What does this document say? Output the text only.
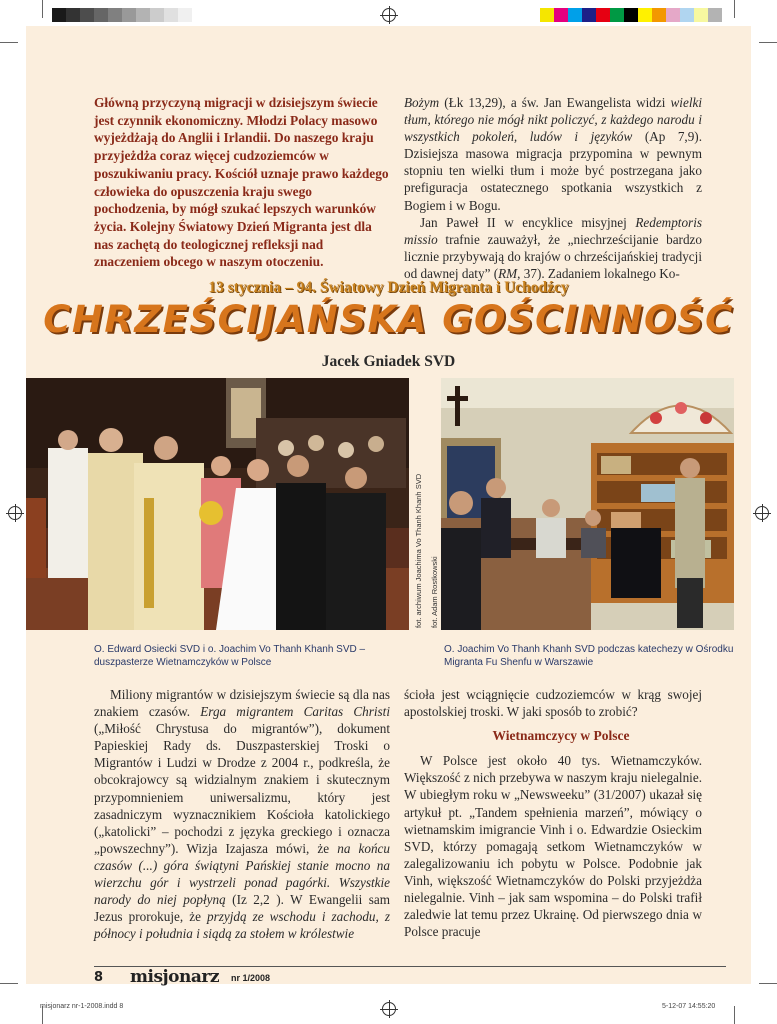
Główną przyczyną migracji w dzisiejszym świecie jest czynnik ekonomiczny. Młodzi Polacy masowo wyjeżdżają do Anglii i Irlandii. Do naszego kraju przyjeżdża coraz więcej cudzoziemców w poszukiwaniu pracy. Kościół uznaje prawo każdego człowieka do opuszczenia kraju swego pochodzenia, by mógł szukać lepszych warunków życia. Kolejny Światowy Dzień Migranta jest dla nas zachętą do teologicznej refleksji nad znaczeniem obcego w naszym otoczeniu.

Bożym (Łk 13,29), a św. Jan Ewangelista widzi wielki tłum, którego nie mógł nikt policzyć, z każdego narodu i wszystkich pokoleń, ludów i języków (Ap 7,9). Dzisiejsza masowa migracja przypomina w pewnym stopniu ten wielki tłum i może być postrzegana jako prefiguracja ostatecznego spotkania wszystkich z Bogiem i w Bogu.

Jan Paweł II w encyklice misyjnej Redemptoris missio trafnie zauważył, że „niechrześcijanie bardzo licznie przybywają do krajów o chrześcijańskiej tradycji od dawnej daty” (RM, 37). Zadaniem lokalnego Ko-

13 stycznia – 94. Światowy Dzień Migranta i Uchodźcy
CHRZEŚCIJAŃSKA GOŚCINNOŚĆ
Jacek Gniadek SVD
fot. archiwum Joachima Vo Thanh Khanh SVD fot. Adam Rostkowski
O. Edward Osiecki SVD i o. Joachim Vo Thanh Khanh SVD – duszpasterze Wietnamczyków w Polsce
O. Joachim Vo Thanh Khanh SVD podczas katechezy w Ośrodku Migranta Fu Shenfu w Warszawie

Miliony migrantów w dzisiejszym świecie są dla nas znakiem czasów. Erga migrantem Caritas Christi („Miłość Chrystusa do migrantów”), dokument Papieskiej Rady ds. Duszpasterskiej Troski o Migrantów i Ludzi w Drodze z 2004 r., podkreśla, że obcokrajowcy są widzialnym znakiem i skutecznym przypomnieniem uniwersalizmu, który jest zasadniczym wyznacznikiem Kościoła katolickiego („katolicki” – pochodzi z języka greckiego i oznacza „powszechny”). Wizja Izajasza mówi, że na końcu czasów (...) góra świątyni Pańskiej stanie mocno na wierzchu gór i wystrzeli ponad pagórki. Wszystkie narody do niej popłyną (Iz 2,2 ). W Ewangelii sam Jezus prorokuje, że przyjdą ze wschodu i zachodu, z północy i południa i siądą za stołem w królestwie

ścioła jest wciągnięcie cudzoziemców w krąg swojej apostolskiej troski. W jaki sposób to zrobić?

Wietnamczycy w Polsce

W Polsce jest około 40 tys. Wietnamczyków. Większość z nich przebywa w naszym kraju nielegalnie. W ubiegłym roku w „Newsweeku” (31/2007) ukazał się artykuł pt. „Tandem spełnienia marzeń”, mówiący o wietnamskim imigrancie Vinh i o. Edwardzie Osieckim SVD, którzy pomagają setkom Wietnamczyków w zalegalizowaniu ich pobytu w Polsce. Podobnie jak Vinh, większość Wietnamczyków do Polski przyjeżdża nielegalnie. Vinh – jak sam wspomina – do Polski trafił zaledwie lat temu przez Ukrainę. Od pierwszego dnia w Polsce pracuje

8 misjonarz nr 1/2008
misjonarz nr-1-2008.indd 8	5-12-07 14:55:20
